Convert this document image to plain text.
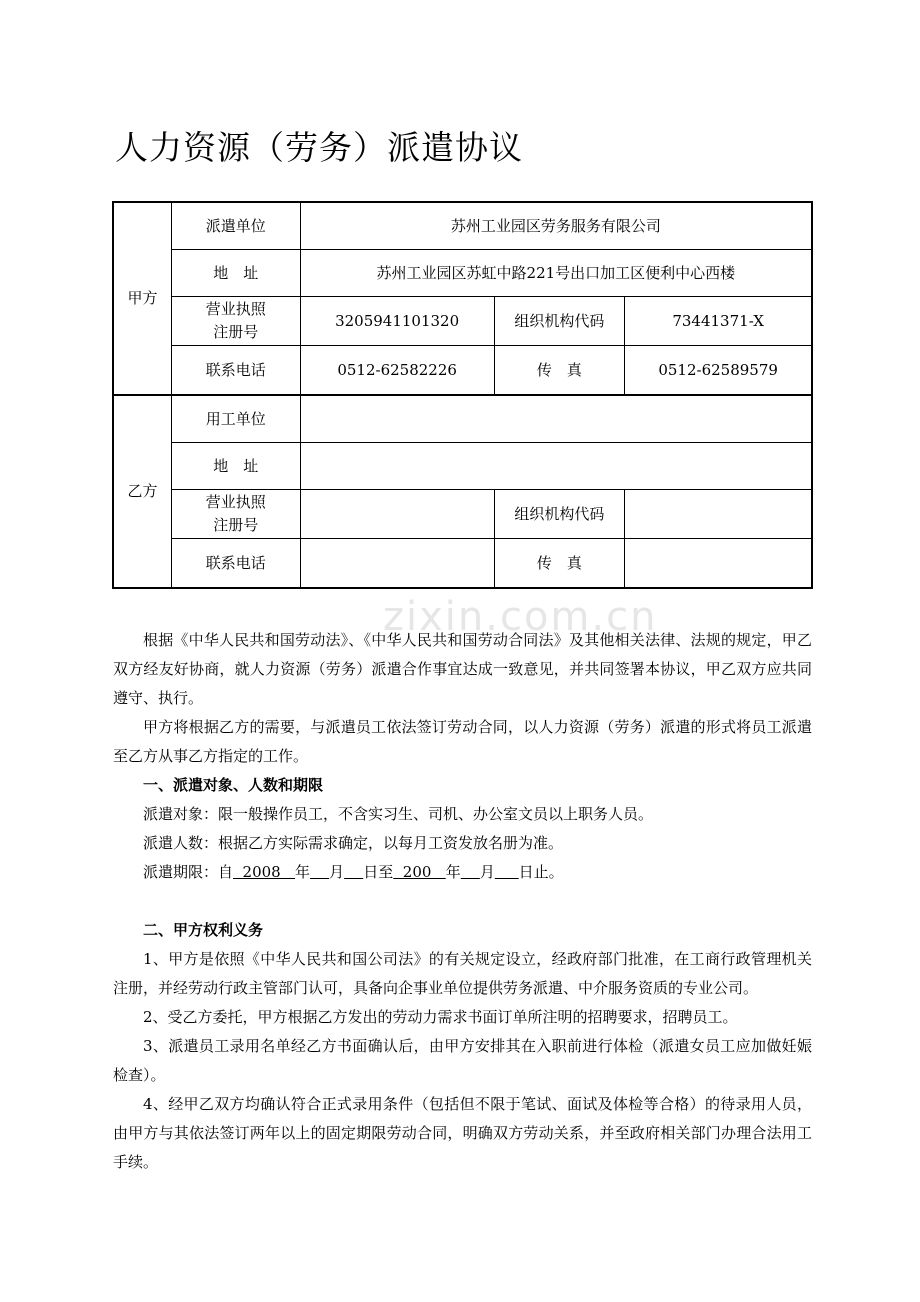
人力资源（劳务）派遣协议
甲方	派遣单位	苏州工业园区劳务服务有限公司		
	地　址	苏州工业园区苏虹中路221号出口加工区便利中心西楼		
	营业执照注册号	3205941101320	组织机构代码	73441371-X
	联系电话	0512-62582226	传　真	0512-62589579
乙方	用工单位			
	地　址			
	营业执照注册号		组织机构代码	
	联系电话		传　真	
zixin.com.cn

根据《中华人民共和国劳动法》、《中华人民共和国劳动合同法》及其他相关法律、法规的规定，甲乙双方经友好协商，就人力资源（劳务）派遣合作事宜达成一致意见，并共同签署本协议，甲乙双方应共同遵守、执行。

甲方将根据乙方的需要，与派遣员工依法签订劳动合同，以人力资源（劳务）派遣的形式将员工派遣至乙方从事乙方指定的工作。

一、派遣对象、人数和期限

派遣对象：限一般操作员工，不含实习生、司机、办公室文员以上职务人员。

派遣人数：根据乙方实际需求确定，以每月工资发放名册为准。

派遣期限：自  2008   年 月 日至  200   年 月 日止。

二、甲方权利义务

1、甲方是依照《中华人民共和国公司法》的有关规定设立，经政府部门批准，在工商行政管理机关注册，并经劳动行政主管部门认可，具备向企事业单位提供劳务派遣、中介服务资质的专业公司。

2、受乙方委托，甲方根据乙方发出的劳动力需求书面订单所注明的招聘要求，招聘员工。

3、派遣员工录用名单经乙方书面确认后，由甲方安排其在入职前进行体检（派遣女员工应加做妊娠检查）。

4、经甲乙双方均确认符合正式录用条件（包括但不限于笔试、面试及体检等合格）的待录用人员，由甲方与其依法签订两年以上的固定期限劳动合同，明确双方劳动关系，并至政府相关部门办理合法用工手续。
